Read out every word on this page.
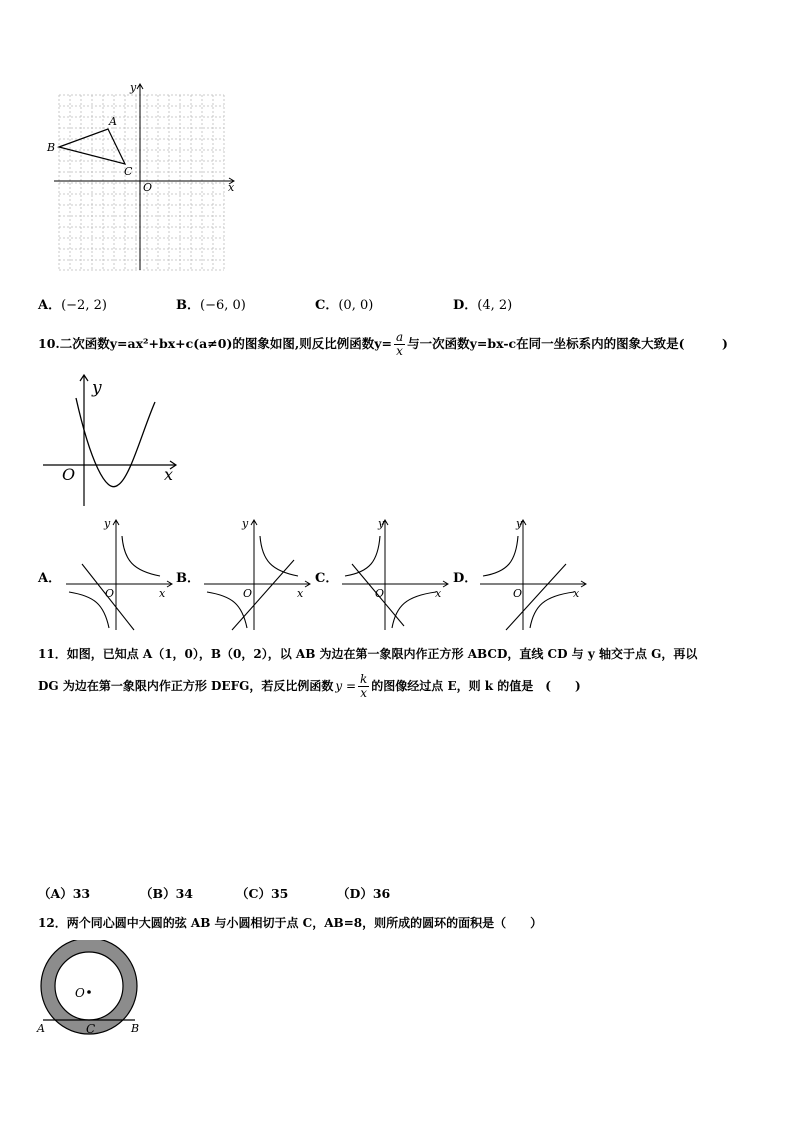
y
x
O
A
B
C
A．(−2, 2)	B．(−6, 0)	C．(0, 0)	D．(4, 2)
10.二次函数y=ax²+bx+c(a≠0)的图象如图,则反比例函数$y= \frac{a}{x}$ 与一次函数y=bx-c在同一坐标系内的图象大致是(　　　)
y
x
O
A．
y
x
O
B．
y
x
O
C．
y
x
O
D．
y
x
O
11．如图，已知点 A（1，0），B（0，2），以 AB 为边在第一象限内作正方形 ABCD，直线 CD 与 y 轴交于点 G，再以
DG 为边在第一象限内作正方形 DEFG，若反比例函数 $y = \frac{k}{x}$ 的图像经过点 E，则 k 的值是　(　　)
（A）33	（B）34	（C）35	（D）36
12．两个同心圆中大圆的弦 AB 与小圆相切于点 C，AB=8，则所成的圆环的面积是（　　）
O
A	B
C
